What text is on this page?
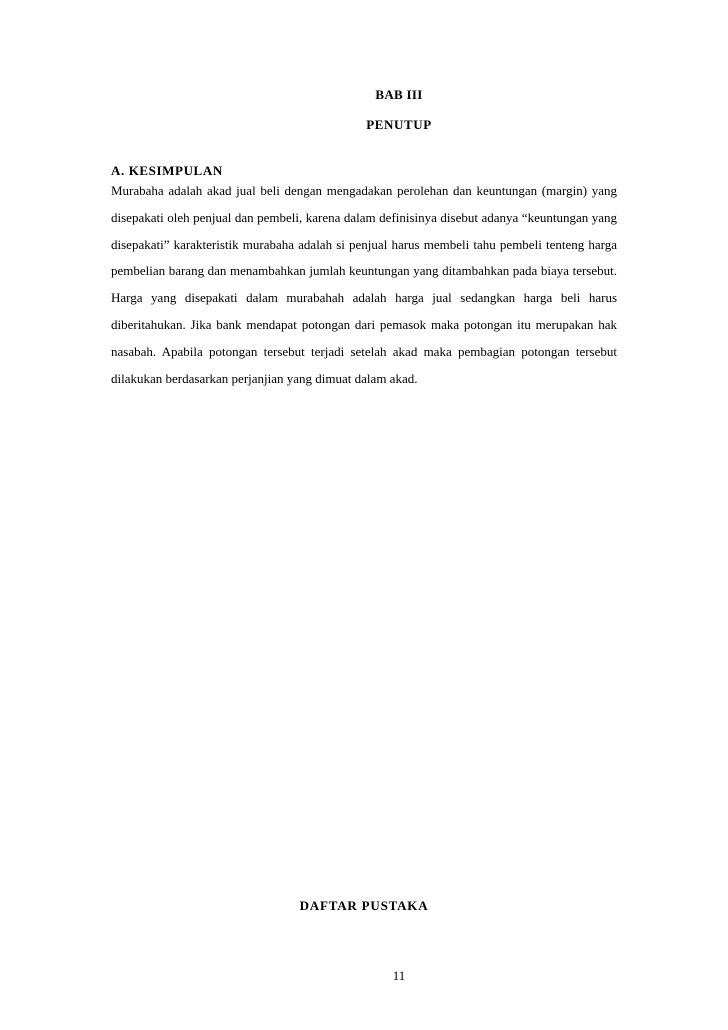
BAB III
PENUTUP
A. KESIMPULAN

Murabaha adalah akad jual beli dengan mengadakan perolehan dan keuntungan (margin) yang disepakati oleh penjual dan pembeli, karena dalam definisinya disebut adanya “keuntungan yang disepakati” karakteristik murabaha adalah si penjual harus membeli tahu pembeli tenteng harga pembelian barang dan menambahkan jumlah keuntungan yang ditambahkan pada biaya tersebut. Harga yang disepakati dalam murabahah adalah harga jual sedangkan harga beli harus diberitahukan. Jika bank mendapat potongan dari pemasok maka potongan itu merupakan hak nasabah. Apabila potongan tersebut terjadi setelah akad maka pembagian potongan tersebut dilakukan berdasarkan perjanjian yang dimuat dalam akad.

DAFTAR PUSTAKA
11
